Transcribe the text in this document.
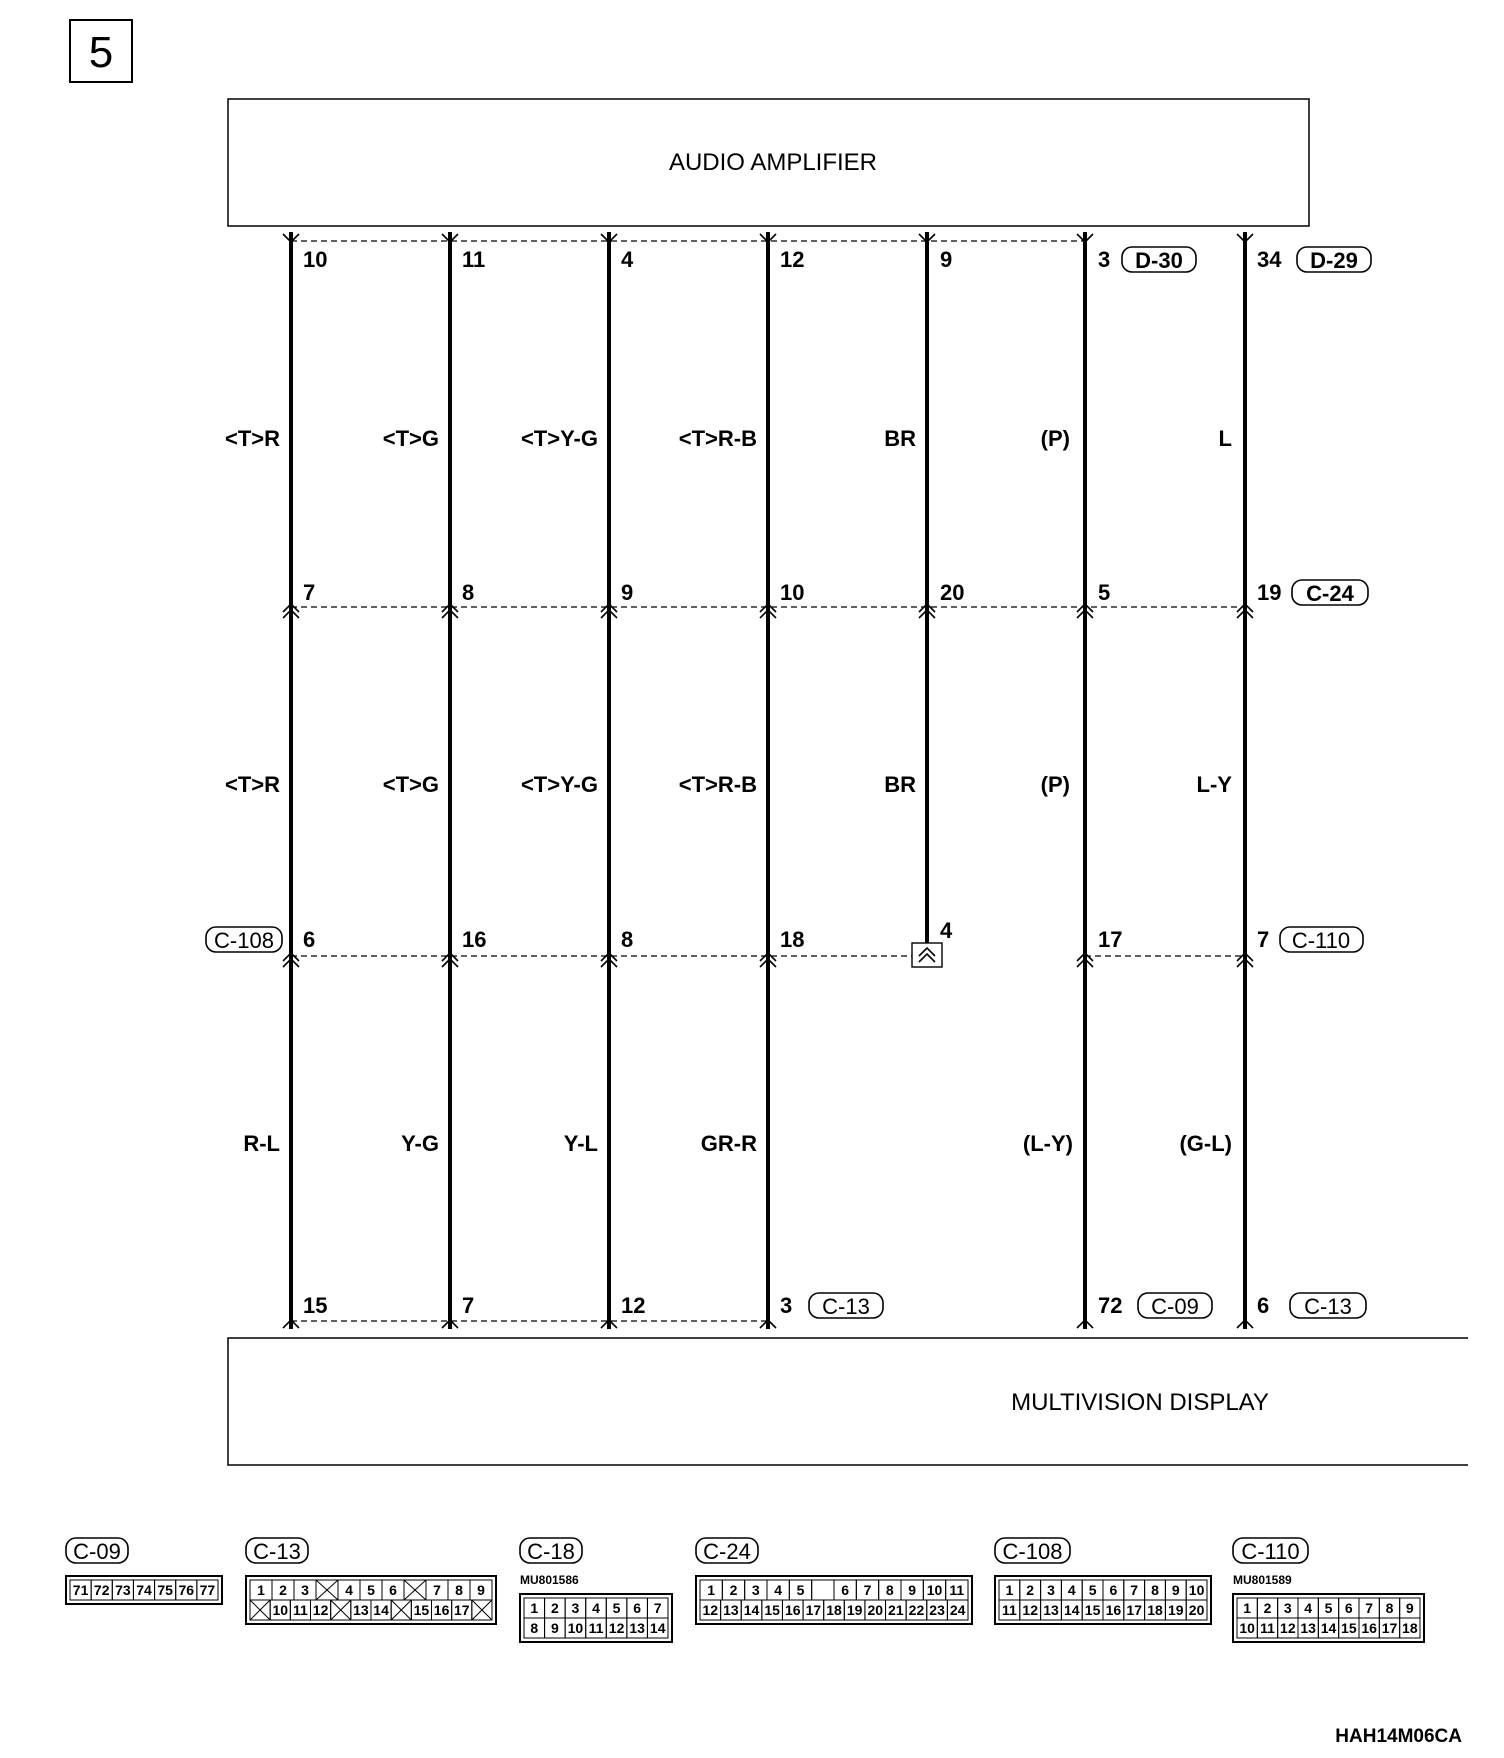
5
AUDIO AMPLIFIER
MULTIVISION DISPLAY
10	11	4	12	9	3	34
7	8	9	10	20	5	19
6	16	8	18	4	17	7
15	7	12	3	72	6
<T>R	<T>G	<T>Y-G	<T>R-B	BR	(P)	L
<T>R	<T>G	<T>Y-G	<T>R-B	BR	(P)	L-Y
R-L	Y-G	Y-L	GR-R	(L-Y)	(G-L)
D-30	D-29
C-24
C-108	C-110
C-13	C-09	C-13
C-09
71 72 73 74 75 76 77
C-13
1 2 3	4 5 6	7 8 9
10 11 12 13 14 15 16 17
C-18
MU801586
1 2 3 4 5 6 7
8 9 10 11 12 13 14
C-24
1 2 3 4 5	6 7 8 9 10 11
12 13 14 15 16 17 18 19 20 21 22 23 24
C-108
1 2 3 4 5 6 7 8 9 10
11 12 13 14 15 16 17 18 19 20
C-110
MU801589
1 2 3 4 5 6 7 8 9
10 11 12 13 14 15 16 17 18
HAH14M06CA
